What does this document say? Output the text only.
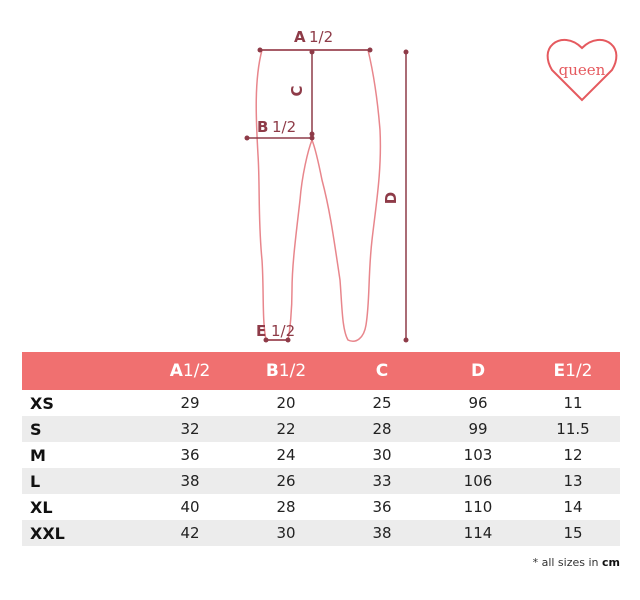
A 1/2
C
B 1/2
D
E 1/2
queen
	A1/2	B1/2	C	D	E1/2
XS	29	20	25	96	11
S	32	22	28	99	11.5
M	36	24	30	103	12
L	38	26	33	106	13
XL	40	28	36	110	14
XXL	42	30	38	114	15
* all sizes in cm
